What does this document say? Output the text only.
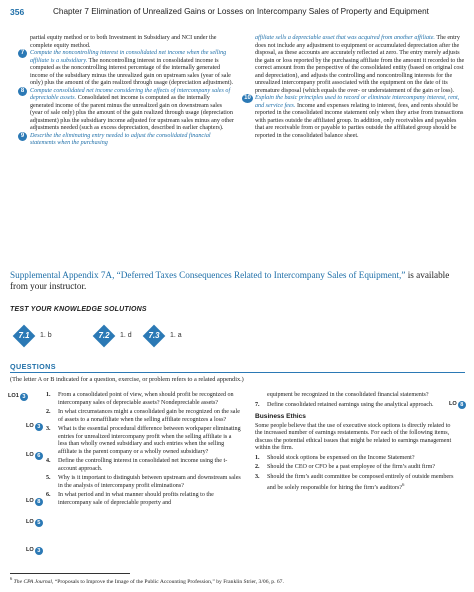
356	Chapter 7 Elimination of Unrealized Gains or Losses on Intercompany Sales of Property and Equipment

partial equity method or to both Investment in Subsidiary and NCI under the complete equity method.

7 Compute the noncontrolling interest in consolidated net income when the selling affiliate is a subsidiary. The noncontrolling interest in consolidated income is computed as the noncontrolling interest percentage of the internally generated income of the subsidiary minus the unrealized gain on upstream sales (year of sale only) plus the amount of the gain realized through usage (depreciation adjustment).
8 Compute consolidated net income considering the effects of intercompany sales of depreciable assets. Consolidated net income is computed as the internally generated income of the parent minus the unrealized gain on downstream sales (year of sale only) plus the amount of the gain realized through usage (depreciation adjustment) plus the subsidiary income adjusted for upstream sales minus any other adjustments needed (such as excess depreciation, described in earlier chapters).
9 Describe the eliminating entry needed to adjust the consolidated financial statements when the purchasing
affiliate sells a depreciable asset that was acquired from another affiliate. The entry does not include any adjustment to equipment or accumulated depreciation after the disposal, as these accounts are accurately reflected at zero. The entry merely adjusts the gain or loss reported by the purchasing affiliate from the amount it recorded to the correct amount from the perspective of the consolidated entity (based on original cost and depreciation), and adjusts the controlling and noncontrolling interests for the unrealized intercompany profit associated with the equipment on the date of its premature disposal (which equals the over- or understatement of the gain or loss).
10 Explain the basic principles used to record or eliminate intercompany interest, rent, and service fees. Income and expenses relating to interest, fees, and rents should be reported in the consolidated income statement only when they arise from transactions with parties outside the affiliated group. In addition, only receivables and payables that are receivable from or payable to parties outside the affiliated group should be reported in the consolidated balance sheet.
Supplemental Appendix 7A, “Deferred Taxes Consequences Related to Intercompany Sales of Equipment,” is available from your instructor.
TEST YOUR KNOWLEDGE SOLUTIONS
7.1	1. b	7.2	1. d	7.3	1. a
QUESTIONS
(The letter A or B indicated for a question, exercise, or problem refers to a related appendix.)
LO1 3
LO 3
LO 6
LO 8
LO 5
LO 3
1. From a consolidated point of view, when should profit be recognized on intercompany sales of depreciable assets? Nondepreciable assets?
2. In what circumstances might a consolidated gain be recognized on the sale of assets to a nonaffiliate when the selling affiliate recognizes a loss?
3. What is the essential procedural difference between workpaper eliminating entries for unrealized intercompany profit when the selling affiliate is a less than wholly owned subsidiary and such entries when the selling affiliate is the parent company or a wholly owned subsidiary?
4. Define the controlling interest in consolidated net income using the t-account approach.
5. Why is it important to distinguish between upstream and downstream sales in the analysis of intercompany profit eliminations?
6. In what period and in what manner should profits relating to the intercompany sale of depreciable property and
equipment be recognized in the consolidated financial statements?
7. Define consolidated retained earnings using the analytical approach.
Business Ethics

Some people believe that the use of executive stock options is directly related to the increased number of earnings restatements. For each of the following items, discuss the potential ethical issues that might be related to earnings management within the firm.

1. Should stock options be expensed on the Income Statement?
2. Should the CEO or CFO be a past employee of the firm’s audit firm?
3. Should the firm’s audit committee be composed entirely of outside members and be solely responsible for hiring the firm’s auditors?$^6$
LO 8
$^6$ The CPA Journal, “Proposals to Improve the Image of the Public Accounting Profession,” by Franklin Strier, 3/06, p. 67.
